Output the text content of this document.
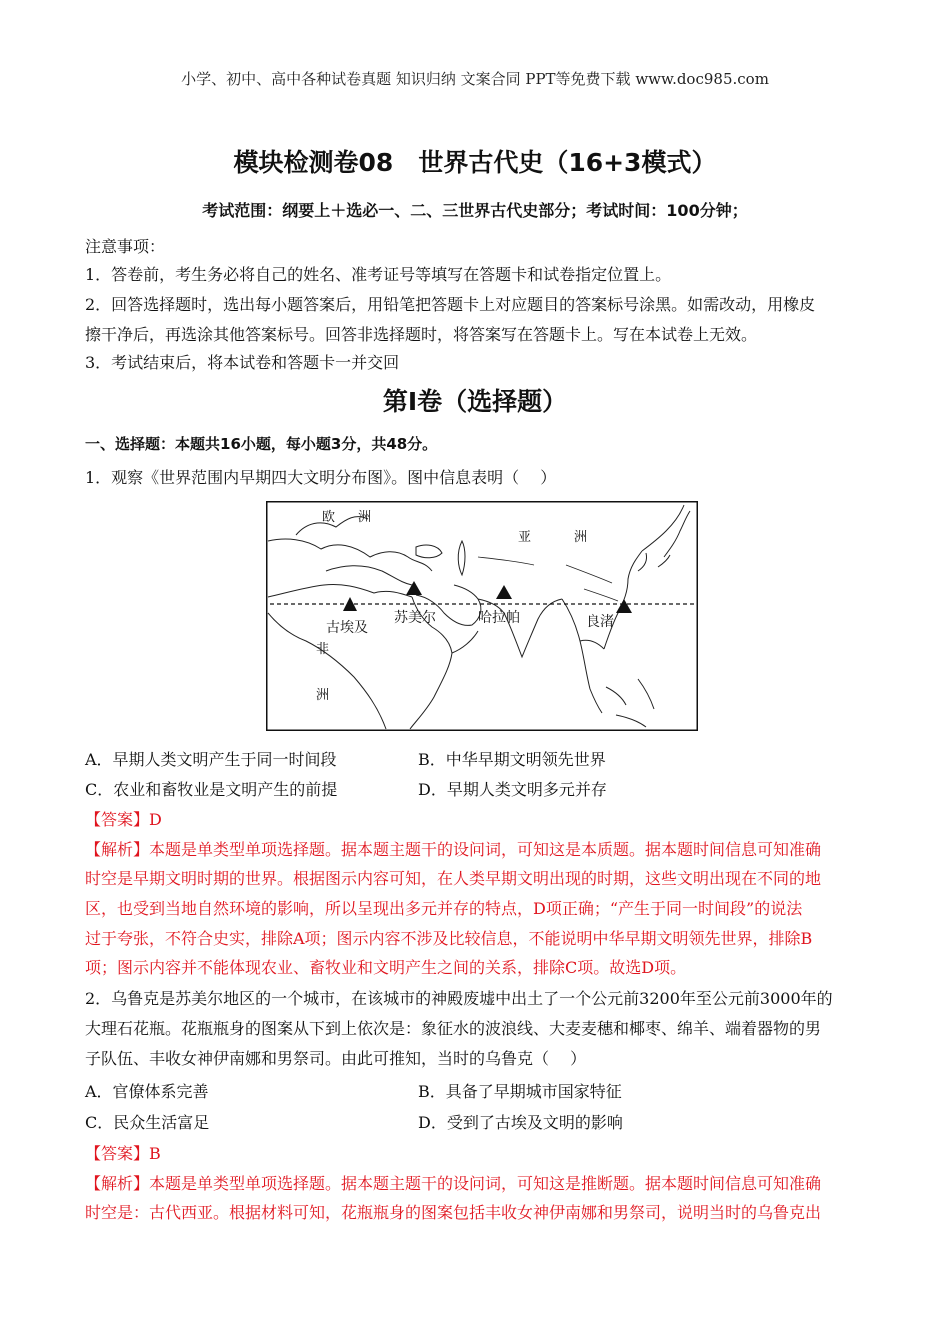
小学、初中、高中各种试卷真题 知识归纳 文案合同 PPT等免费下载 www.doc985.com
模块检测卷08　世界古代史（16+3模式）
考试范围：纲要上＋选必一、二、三世界古代史部分；考试时间：100分钟；
注意事项：
1．答卷前，考生务必将自己的姓名、准考证号等填写在答题卡和试卷指定位置上。
2．回答选择题时，选出每小题答案后，用铅笔把答题卡上对应题目的答案标号涂黑。如需改动，用橡皮
擦干净后，再选涂其他答案标号。回答非选择题时，将答案写在答题卡上。写在本试卷上无效。
3．考试结束后，将本试卷和答题卡一并交回
第I卷（选择题）
一、选择题：本题共16小题，每小题3分，共48分。
1．观察《世界范围内早期四大文明分布图》。图中信息表明（　 ）
欧 洲
亚	洲
非
洲
古埃及
苏美尔	哈拉帕	良渚
A．早期人类文明产生于同一时间段	B．中华早期文明领先世界
C．农业和畜牧业是文明产生的前提	D．早期人类文明多元并存
【答案】D
【解析】本题是单类型单项选择题。据本题主题干的设问词，可知这是本质题。据本题时间信息可知准确
时空是早期文明时期的世界。根据图示内容可知，在人类早期文明出现的时期，这些文明出现在不同的地
区，也受到当地自然环境的影响，所以呈现出多元并存的特点，D项正确；“产生于同一时间段”的说法
过于夸张，不符合史实，排除A项；图示内容不涉及比较信息，不能说明中华早期文明领先世界，排除B
项；图示内容并不能体现农业、畜牧业和文明产生之间的关系，排除C项。故选D项。
2．乌鲁克是苏美尔地区的一个城市，在该城市的神殿废墟中出土了一个公元前3200年至公元前3000年的
大理石花瓶。花瓶瓶身的图案从下到上依次是：象征水的波浪线、大麦麦穗和椰枣、绵羊、端着器物的男
子队伍、丰收女神伊南娜和男祭司。由此可推知，当时的乌鲁克（　 ）
A．官僚体系完善	B．具备了早期城市国家特征
C．民众生活富足	D．受到了古埃及文明的影响
【答案】B
【解析】本题是单类型单项选择题。据本题主题干的设问词，可知这是推断题。据本题时间信息可知准确
时空是：古代西亚。根据材料可知，花瓶瓶身的图案包括丰收女神伊南娜和男祭司，说明当时的乌鲁克出
